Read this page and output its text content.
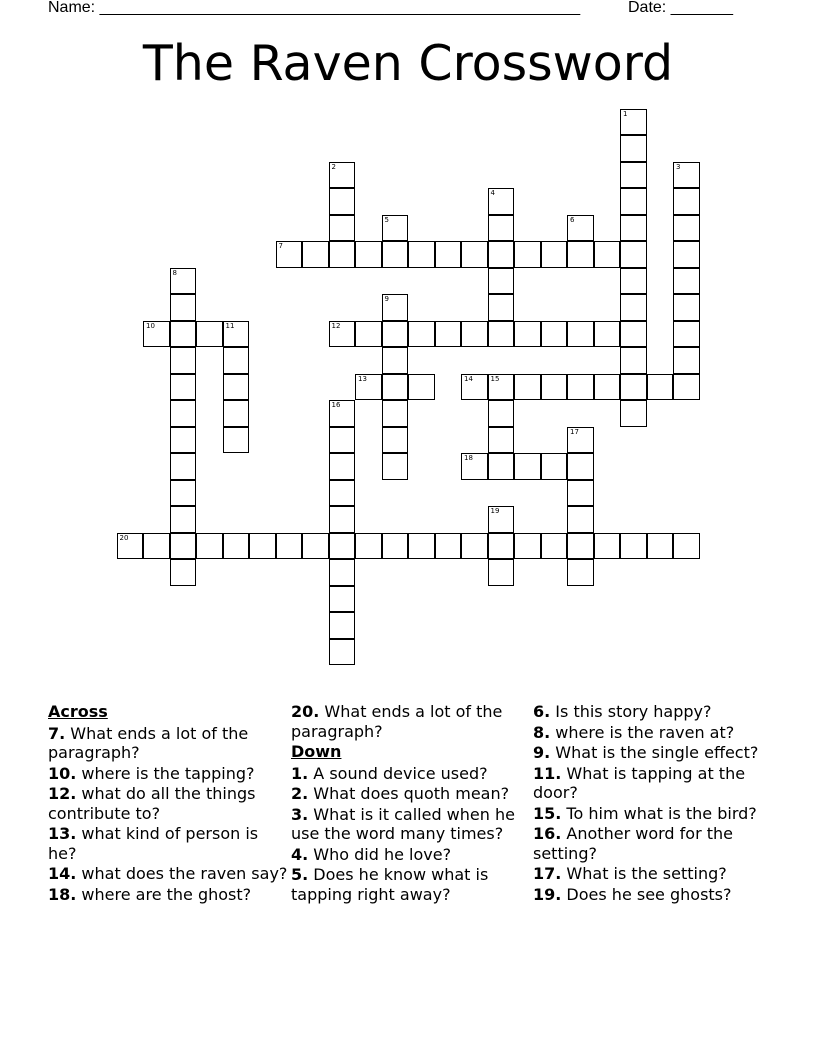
Name: ______________________________________________________	Date: _______
The Raven Crossword
1
2	3
4
5	6
7
8
9
10	11	12
13	14	15
16
17
18
19
20
Across
7. What ends a lot of the paragraph?
10. where is the tapping?
12. what do all the things contribute to?
13. what kind of person is he?
14. what does the raven say?
18. where are the ghost?
20. What ends a lot of the paragraph?
Down
1. A sound device used?
2. What does quoth mean?
3. What is it called when he use the word many times?
4. Who did he love?
5. Does he know what is tapping right away?
6. Is this story happy?
8. where is the raven at?
9. What is the single effect?
11. What is tapping at the door?
15. To him what is the bird?
16. Another word for the setting?
17. What is the setting?
19. Does he see ghosts?
